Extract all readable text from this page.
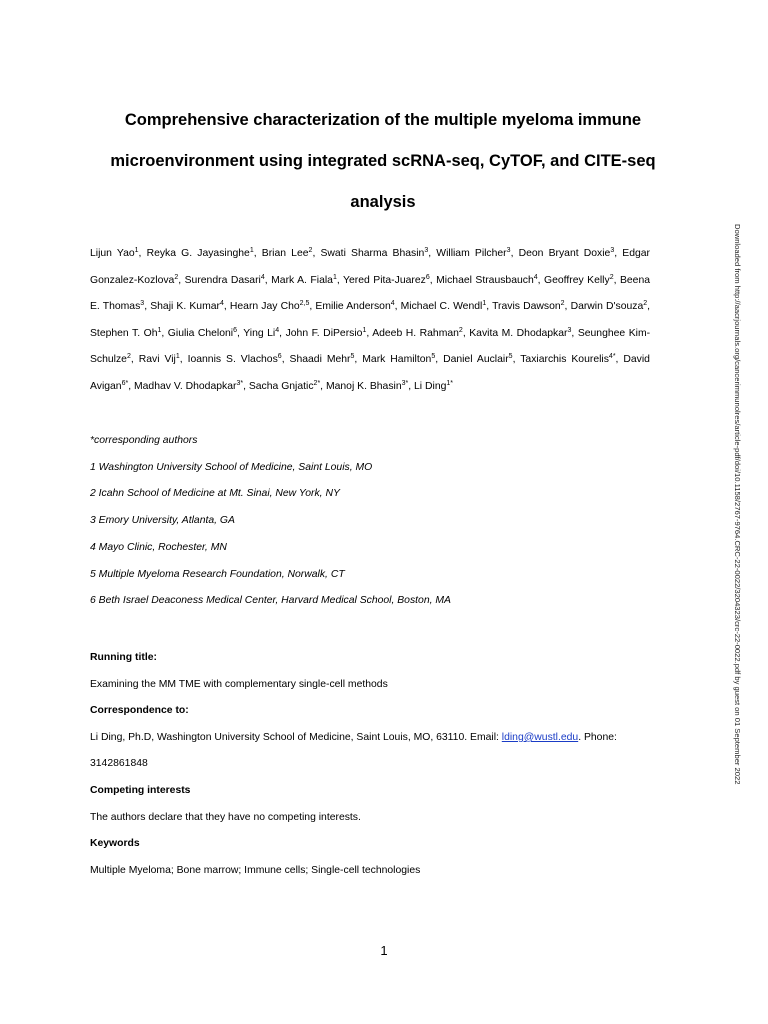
Comprehensive characterization of the multiple myeloma immune
microenvironment using integrated scRNA-seq, CyTOF, and CITE-seq
analysis
Lijun Yao$^1$, Reyka G. Jayasinghe$^1$, Brian Lee$^2$, Swati Sharma Bhasin$^3$, William Pilcher$^3$, Deon Bryant Doxie$^3$, Edgar Gonzalez-Kozlova$^2$, Surendra Dasari$^4$, Mark A. Fiala$^1$, Yered Pita-Juarez$^6$, Michael Strausbauch$^4$, Geoffrey Kelly$^2$, Beena E. Thomas$^3$, Shaji K. Kumar$^4$, Hearn Jay Cho$^{2,5}$, Emilie Anderson$^4$, Michael C. Wendl$^1$, Travis Dawson$^2$, Darwin D'souza$^2$, Stephen T. Oh$^1$, Giulia Cheloni$^6$, Ying Li$^4$, John F. DiPersio$^1$, Adeeb H. Rahman$^2$, Kavita M. Dhodapkar$^3$, Seunghee Kim-Schulze$^2$, Ravi Vij$^1$, Ioannis S. Vlachos$^6$, Shaadi Mehr$^5$, Mark Hamilton$^5$, Daniel Auclair$^5$, Taxiarchis Kourelis$^{4*}$, David Avigan$^{6*}$, Madhav V. Dhodapkar$^{3*}$, Sacha Gnjatic$^{2*}$, Manoj K. Bhasin$^{3*}$, Li Ding$^{1*}$
*corresponding authors
1 Washington University School of Medicine, Saint Louis, MO
2 Icahn School of Medicine at Mt. Sinai, New York, NY
3 Emory University, Atlanta, GA
4 Mayo Clinic, Rochester, MN
5 Multiple Myeloma Research Foundation, Norwalk, CT
6 Beth Israel Deaconess Medical Center, Harvard Medical School, Boston, MA
Running title:
Examining the MM TME with complementary single-cell methods
Correspondence to:
Li Ding, Ph.D, Washington University School of Medicine, Saint Louis, MO, 63110. Email: lding@wustl.edu. Phone:
3142861848
Competing interests
The authors declare that they have no competing interests.
Keywords
Multiple Myeloma; Bone marrow; Immune cells; Single-cell technologies
1
Downloaded from http://aacrjournals.org/cancerimmunolres/article-pdf/doi/10.1158/2767-9764.CRC-22-0022/3204323/crc-22-0022.pdf by guest on 01 September 2022
